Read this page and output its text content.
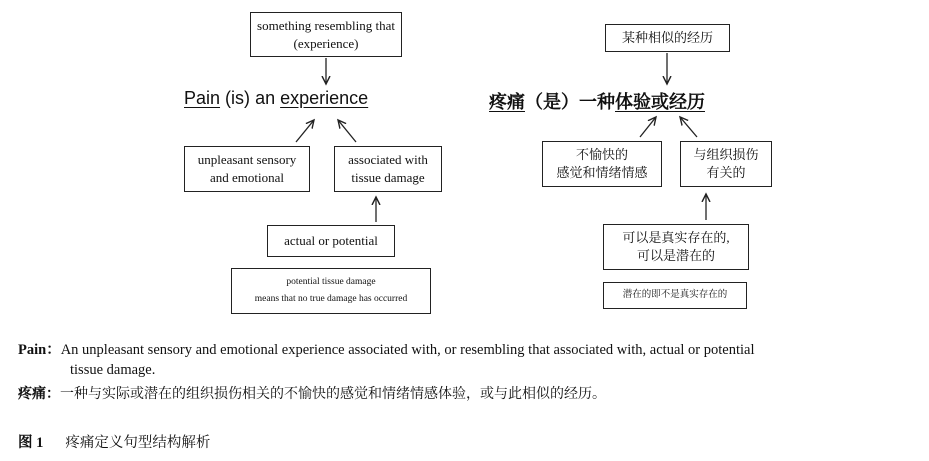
something resembling that (experience)
Pain (is) an experience
unpleasant sensory and emotional
associated with tissue damage
actual or potential
potential tissue damage
means that no true damage has occurred
某种相似的经历
疼痛（是）一种体验或经历
不愉快的
感觉和情绪情感
与组织损伤
有关的
可以是真实存在的,
可以是潜在的
潜在的即不是真实存在的
Pain：An unpleasant sensory and emotional experience associated with, or resembling that associated with, actual or potential
tissue damage.
疼痛：一种与实际或潜在的组织损伤相关的不愉快的感觉和情绪情感体验，或与此相似的经历。
图 1 疼痛定义句型结构解析
